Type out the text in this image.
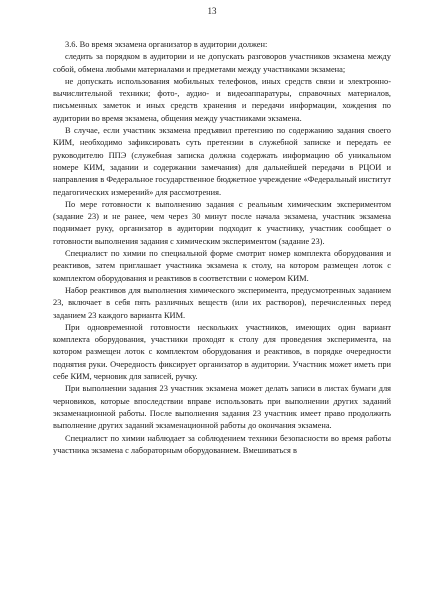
13

3.6. Во время экзамена организатор в аудитории должен:

следить за порядком в аудитории и не допускать разговоров участников экзамена между собой, обмена любыми материалами и предметами между участниками экзамена;

не допускать использования мобильных телефонов, иных средств связи и электронно-вычислительной техники; фото-, аудио- и видеоаппаратуры, справочных материалов, письменных заметок и иных средств хранения и передачи информации, хождения по аудитории во время экзамена, общения между участниками экзамена.

В случае, если участник экзамена предъявил претензию по содержанию задания своего КИМ, необходимо зафиксировать суть претензии в служебной записке и передать ее руководителю ППЭ (служебная записка должна содержать информацию об уникальном номере КИМ, задании и содержании замечания) для дальнейшей передачи в РЦОИ и направления в Федеральное государственное бюджетное учреждение «Федеральный институт педагогических измерений» для рассмотрения.

По мере готовности к выполнению задания с реальным химическим экспериментом (задание 23) и не ранее, чем через 30 минут после начала экзамена, участник экзамена поднимает руку, организатор в аудитории подходит к участнику, участник сообщает о готовности выполнения задания с химическим экспериментом (задание 23).

Специалист по химии по специальной форме смотрит номер комплекта оборудования и реактивов, затем приглашает участника экзамена к столу, на котором размещен лоток с комплектом оборудования и реактивов в соответствии с номером КИМ.

Набор реактивов для выполнения химического эксперимента, предусмотренных заданием 23, включает в себя пять различных веществ (или их растворов), перечисленных перед заданием 23 каждого варианта КИМ.

При одновременной готовности нескольких участников, имеющих один вариант комплекта оборудования, участники проходят к столу для проведения эксперимента, на котором размещен лоток с комплектом оборудования и реактивов, в порядке очередности поднятия руки. Очередность фиксирует организатор в аудитории. Участник может иметь при себе КИМ, черновик для записей, ручку.

При выполнении задания 23 участник экзамена может делать записи в листах бумаги для черновиков, которые впоследствии вправе использовать при выполнении других заданий экзаменационной работы. После выполнения задания 23 участник имеет право продолжить выполнение других заданий экзаменационной работы до окончания экзамена.

Специалист по химии наблюдает за соблюдением техники безопасности во время работы участника экзамена с лабораторным оборудованием. Вмешиваться в
